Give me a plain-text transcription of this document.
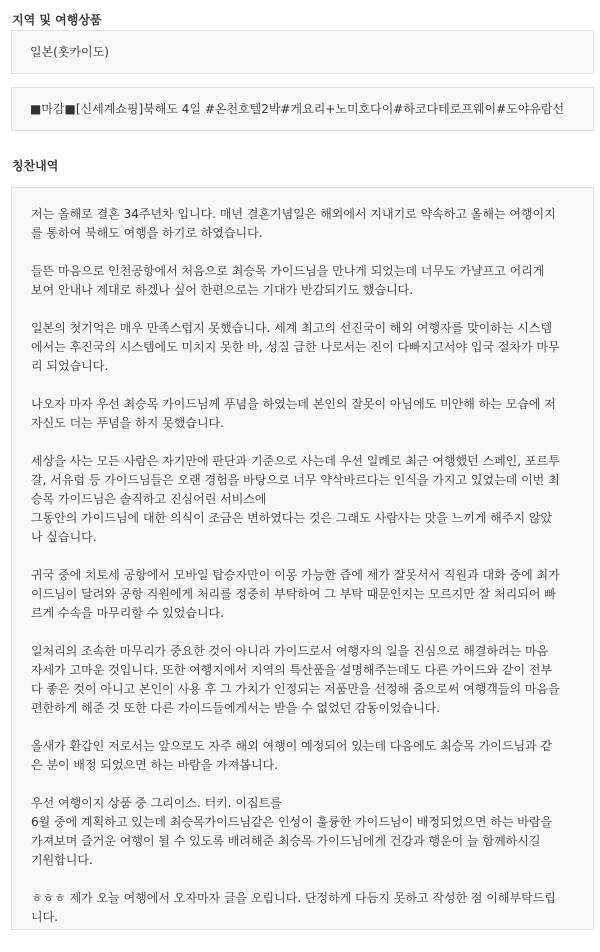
지역 및 여행상품
일본(홋카이도)
■마감■[신세계쇼핑]북해도 4일 #온천호텔2박#게요리+노미호다이#하코다테로프웨이#도야유람선
칭찬내역

저는 올해로 결혼 34주년차 입니다. 매년 결혼기념일은 해외에서 지내기로 약속하고 올해는 여행이지
를 통하여 북해도 여행을 하기로 하였습니다.

들뜬 마음으로 인천공항에서 처음으로 최승목 가이드님을 만나게 되었는데 너무도 가냘프고 어리게
보여 안내나 제대로 하겠나 싶어 한편으로는 기대가 반감되기도 했습니다.

일본의 첫기억은 매우 만족스럽지 못했습니다. 세계 최고의 선진국이 해외 여행자를 맞이하는 시스템
에서는 후진국의 시스템에도 미치지 못한 바, 성질 급한 나로서는 진이 다빠지고서야 입국 절차가 마무
리 되었습니다.

나오자 마자 우선 최승목 가이드님께 푸념을 하였는데 본인의 잘못이 아님에도 미안해 하는 모습에 저
자신도 더는 푸념을 하지 못했습니다.

세상을 사는 모든 사람은 자기만에 판단과 기준으로 사는데 우선 일례로 최근 여행했던 스페인, 포르투
갈, 서유럽 등 가이드님들은 오랜 경험을 바탕으로 너무 약삭바르다는 인식을 가지고 있었는데 이번 최
승목 가이드님은 솔직하고 진심어린 서비스에
그동안의 가이드님에 대한 의식이 조금은 변하였다는 것은 그래도 사람사는 맛을 느끼게 해주지 않았
나 싶습니다.

귀국 중에 치토세 공항에서 모바일 탑승자만이 이몽 가능한 즙에 제가 잘못서서 직원과 대화 중에 최가
이드님이 달려와 공항 직원에게 처리를 정중히 부탁하여 그 부탁 때문인지는 모르지만 잘 처리되어 빠
르게 수속을 마무리할 수 있었습니다.

일처리의 조속한 마무리가 중요한 것이 아니라 가이드로서 여행자의 일을 진심으로 해결하려는 마음
자세가 고마운 것입니다. 또한 여행지에서 지역의 특산품을 설명해주는데도 다른 가이드와 같이 전부
다 좋은 것이 아니고 본인이 사용 후 그 가치가 인정되는 저품만을 선정해 줌으로써 여행객들의 마음을
편한하게 해준 것 또한 다른 가이드들에게서는 받을 수 없었던 감동이었습니다.

올새가 환갑인 저로서는 앞으로도 자주 해외 여행이 예정되어 있는데 다음에도 최승목 가이드님과 같
은 분이 배정 되었으면 하는 바람을 가져봅니다.

우선 여행이지 상품 중 그리이스. 터키. 이집트를
6월 중에 계획하고 있는데 최승목가이드님같은 인성이 훌륭한 가이드님이 배정되었으면 하는 바람을
가져보며 즐거운 여행이 될 수 있도록 배려해준 최승목 가이드님에게 건강과 행운이 늘 함께하시길
기원합니다.

ㅎㅎㅎ 제가 오늘 여행에서 오자마자 글을 오립니다. 단정하게 다듬지 못하고 작성한 점 이해부탁드립
니다.
